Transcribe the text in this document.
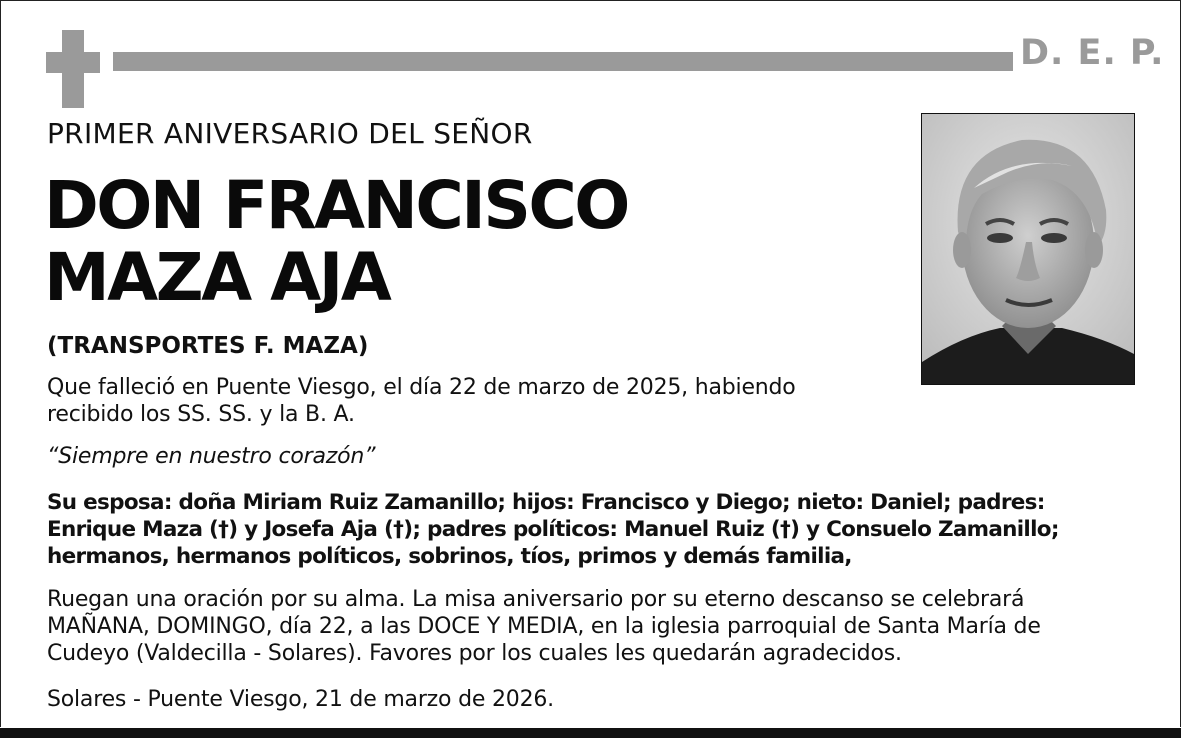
D. E. P.
PRIMER ANIVERSARIO DEL SEÑOR
DON FRANCISCO
MAZA AJA
(TRANSPORTES F. MAZA)
Que falleció en Puente Viesgo, el día 22 de marzo de 2025, habiendo
recibido los SS. SS. y la B. A.
“Siempre en nuestro corazón”
Su esposa: doña Miriam Ruiz Zamanillo; hijos: Francisco y Diego; nieto: Daniel; padres:
Enrique Maza (†) y Josefa Aja (†); padres políticos: Manuel Ruiz (†) y Consuelo Zamanillo;
hermanos, hermanos políticos, sobrinos, tíos, primos y demás familia,
Ruegan una oración por su alma. La misa aniversario por su eterno descanso se celebrará
MAÑANA, DOMINGO, día 22, a las DOCE Y MEDIA, en la iglesia parroquial de Santa María de
Cudeyo (Valdecilla - Solares). Favores por los cuales les quedarán agradecidos.
Solares - Puente Viesgo, 21 de marzo de 2026.
